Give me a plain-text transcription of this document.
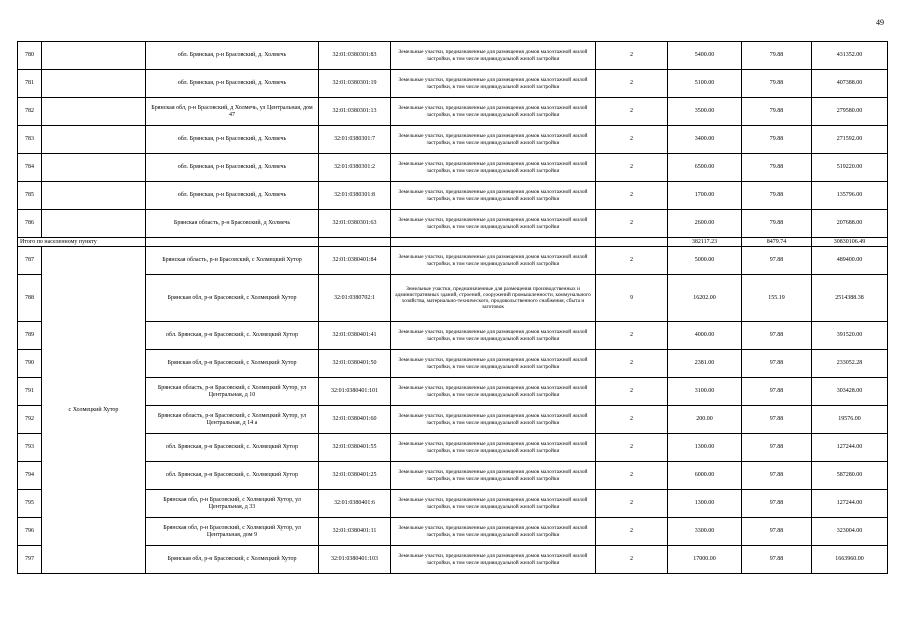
49
780		обл. Брянская, р-н Брасовский, д. Холмечь	32:01:0380301:83	Земельные участки, предназначенные для размещения домов малоэтажной жилой застройки, в том числе индивидуальной жилой застройки	2	5400.00	79.88	431352.00
781		обл. Брянская, р-н Брасовский, д. Холмечь	32:01:0380301:19	Земельные участки, предназначенные для размещения домов малоэтажной жилой застройки, в том числе индивидуальной жилой застройки	2	5100.00	79.88	407388.00
782		Брянская обл, р-н Брасовский, д Холмечь, ул Центральная, дом 47	32:01:0380301:13	Земельные участки, предназначенные для размещения домов малоэтажной жилой застройки, в том числе индивидуальной жилой застройки	2	3500.00	79.88	279580.00
783		обл. Брянская, р-н Брасовский, д. Холмечь	32:01:0380301:7	Земельные участки, предназначенные для размещения домов малоэтажной жилой застройки, в том числе индивидуальной жилой застройки	2	3400.00	79.88	271592.00
784		обл. Брянская, р-н Брасовский, д. Холмечь	32:01:0380301:2	Земельные участки, предназначенные для размещения домов малоэтажной жилой застройки, в том числе индивидуальной жилой застройки	2	6500.00	79.88	519220.00
785		обл. Брянская, р-н Брасовский, д. Холмечь	32:01:0380301:8	Земельные участки, предназначенные для размещения домов малоэтажной жилой застройки, в том числе индивидуальной жилой застройки	2	1700.00	79.88	135796.00
786		Брянская область, р-н Брасовский, д Холмечь	32:01:0380301:63	Земельные участки, предназначенные для размещения домов малоэтажной жилой застройки, в том числе индивидуальной жилой застройки	2	2600.00	79.88	207688.00
Итого по населенному пункту						382117.23	8479.74	30830106.49
787	с Холмецкий Хутор	Брянская область, р-н Брасовский, с Холмецкий Хутор	32:01:0380401:84	Земельные участки, предназначенные для размещения домов малоэтажной жилой застройки, в том числе индивидуальной жилой застройки	2	5000.00	97.88	489400.00
788		Брянская обл, р-н Брасовский, с Холмецкий Хутор	32:01:0380702:1	Земельные участки, предназначенные для размещения производственных и административных зданий, строений, сооружений промышленности, коммунального хозяйства, материально-технического, продовольственного снабжения, сбыта и заготовок	9	16202.00	155.19	2514388.38
789		обл. Брянская, р-н Брасовский, с. Холмецкий Хутор	32:01:0380401:41	Земельные участки, предназначенные для размещения домов малоэтажной жилой застройки, в том числе индивидуальной жилой застройки	2	4000.00	97.88	391520.00
790		Брянская обл, р-н Брасовский, с Холмецкий Хутор	32:01:0380401:50	Земельные участки, предназначенные для размещения домов малоэтажной жилой застройки, в том числе индивидуальной жилой застройки	2	2381.00	97.88	233052.28
791		Брянская область, р-н Брасовский, с Холмецкий Хутор, ул Центральная, д 10	32:01:0380401:101	Земельные участки, предназначенные для размещения домов малоэтажной жилой застройки, в том числе индивидуальной жилой застройки	2	3100.00	97.88	303428.00
792		Брянская область, р-н Брасовский, с Холмецкий Хутор, ул Центральная, д 14 а	32:01:0380401:60	Земельные участки, предназначенные для размещения домов малоэтажной жилой застройки, в том числе индивидуальной жилой застройки	2	200.00	97.88	19576.00
793		обл. Брянская, р-н Брасовский, с. Холмецкий Хутор	32:01:0380401:55	Земельные участки, предназначенные для размещения домов малоэтажной жилой застройки, в том числе индивидуальной жилой застройки	2	1300.00	97.88	127244.00
794		обл. Брянская, р-н Брасовский, с. Холмецкий Хутор	32:01:0380401:25	Земельные участки, предназначенные для размещения домов малоэтажной жилой застройки, в том числе индивидуальной жилой застройки	2	6000.00	97.88	587280.00
795		Брянская обл, р-н Брасовский, с Холмецкий Хутор, ул Центральная, д 33	32:01:0380401:6	Земельные участки, предназначенные для размещения домов малоэтажной жилой застройки, в том числе индивидуальной жилой застройки	2	1300.00	97.88	127244.00
796		Брянская обл, р-н Брасовский, с Холмецкий Хутор, ул Центральная, дом 9	32:01:0380401:11	Земельные участки, предназначенные для размещения домов малоэтажной жилой застройки, в том числе индивидуальной жилой застройки	2	3300.00	97.88	323004.00
797		Брянская обл, р-н Брасовский, с Холмецкий Хутор	32:01:0380401:103	Земельные участки, предназначенные для размещения домов малоэтажной жилой застройки, в том числе индивидуальной жилой застройки	2	17000.00	97.88	1663960.00
